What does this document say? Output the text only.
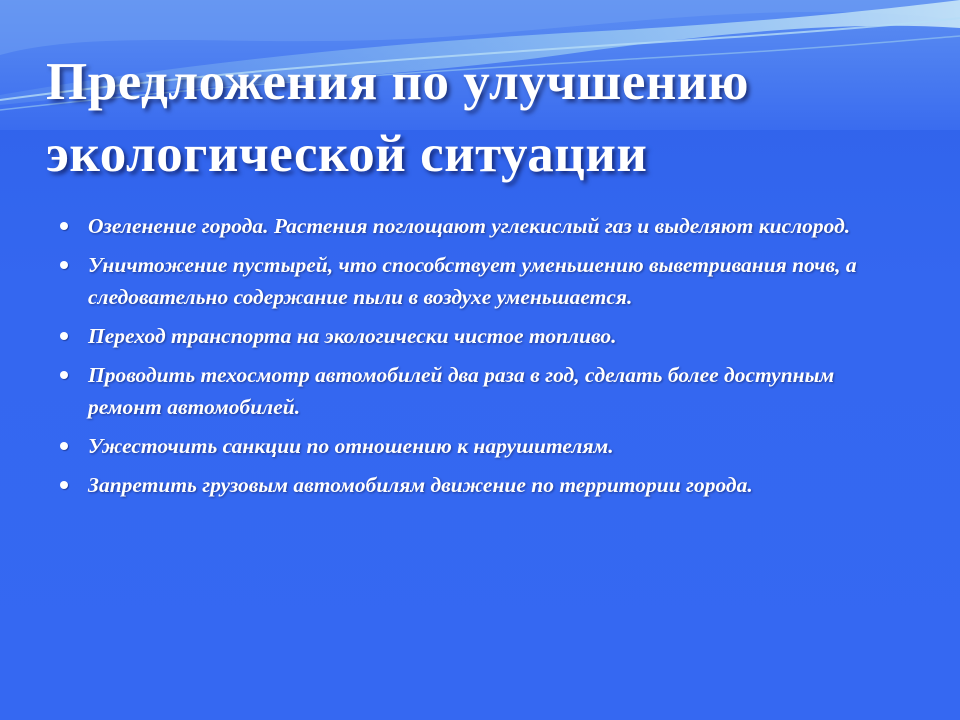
Предложения по улучшению
экологической ситуации
Озеленение города. Растения поглощают углекислый газ и выделяют кислород.
Уничтожение пустырей, что способствует уменьшению выветривания почв, а следовательно содержание пыли в воздухе уменьшается.
Переход транспорта на экологически чистое топливо.
Проводить техосмотр автомобилей два раза в год, сделать более доступным ремонт автомобилей.
Ужесточить санкции по отношению к нарушителям.
Запретить грузовым автомобилям движение по территории города.
